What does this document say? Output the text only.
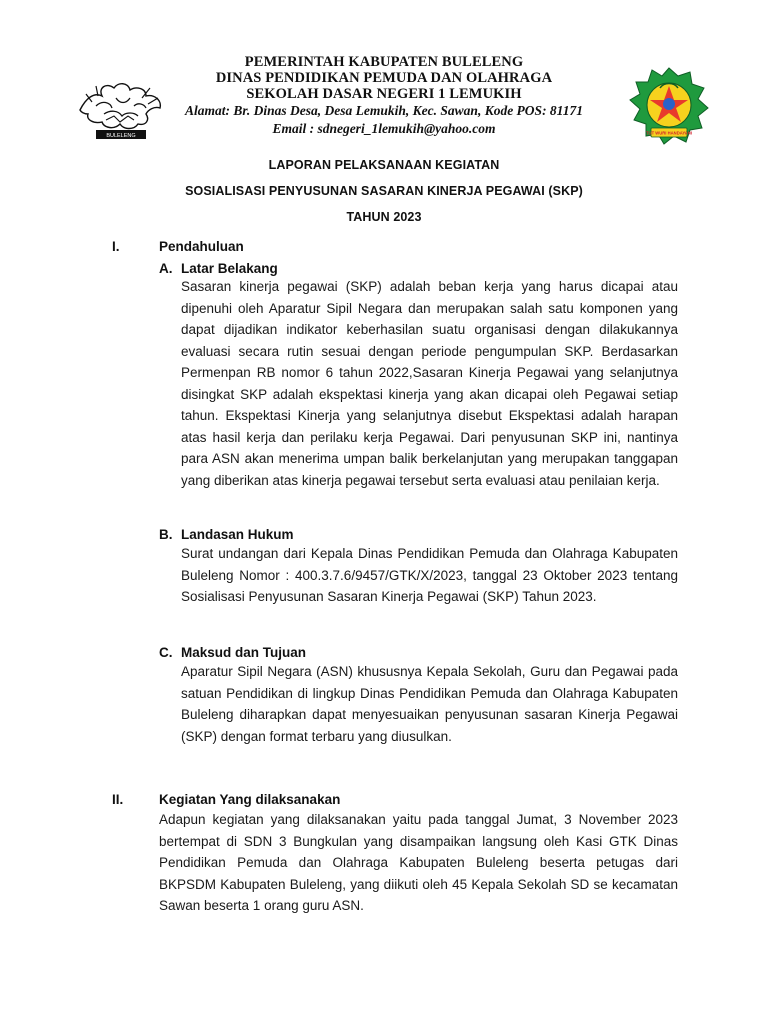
BULELENG
PEMERINTAH KABUPATEN BULELENG
DINAS PENDIDIKAN PEMUDA DAN OLAHRAGA
SEKOLAH DASAR NEGERI 1 LEMUKIH
Alamat: Br. Dinas Desa, Desa Lemukih, Kec. Sawan, Kode POS: 81171
Email : sdnegeri_1lemukih@yahoo.com	TUT WURI HANDAYANI
LAPORAN PELAKSANAAN KEGIATAN
SOSIALISASI PENYUSUNAN SASARAN KINERJA PEGAWAI (SKP)
TAHUN 2023
I.	Pendahuluan
A. Latar Belakang

Sasaran kinerja pegawai (SKP) adalah beban kerja yang harus dicapai atau dipenuhi oleh Aparatur Sipil Negara dan merupakan salah satu komponen yang dapat dijadikan indikator keberhasilan suatu organisasi dengan dilakukannya evaluasi secara rutin sesuai dengan periode pengumpulan SKP. Berdasarkan Permenpan RB nomor 6 tahun 2022,Sasaran Kinerja Pegawai yang selanjutnya disingkat SKP adalah ekspektasi kinerja yang akan dicapai oleh Pegawai setiap tahun. Ekspektasi Kinerja yang selanjutnya disebut Ekspektasi adalah harapan atas hasil kerja dan perilaku kerja Pegawai. Dari penyusunan SKP ini, nantinya para ASN akan menerima umpan balik berkelanjutan yang merupakan tanggapan yang diberikan atas kinerja pegawai tersebut serta evaluasi atau penilaian kerja.

B. Landasan Hukum

Surat undangan dari Kepala Dinas Pendidikan Pemuda dan Olahraga Kabupaten Buleleng Nomor : 400.3.7.6/9457/GTK/X/2023, tanggal 23 Oktober 2023 tentang Sosialisasi Penyusunan Sasaran Kinerja Pegawai (SKP) Tahun 2023.

C. Maksud dan Tujuan

Aparatur Sipil Negara (ASN) khususnya Kepala Sekolah, Guru dan Pegawai pada satuan Pendidikan di lingkup Dinas Pendidikan Pemuda dan Olahraga Kabupaten Buleleng diharapkan dapat menyesuaikan penyusunan sasaran Kinerja Pegawai (SKP) dengan format terbaru yang diusulkan.

II.	Kegiatan Yang dilaksanakan

Adapun kegiatan yang dilaksanakan yaitu pada tanggal Jumat, 3 November 2023 bertempat di SDN 3 Bungkulan yang disampaikan langsung oleh Kasi GTK Dinas Pendidikan Pemuda dan Olahraga Kabupaten Buleleng beserta petugas dari BKPSDM Kabupaten Buleleng, yang diikuti oleh 45 Kepala Sekolah SD se kecamatan Sawan beserta 1 orang guru ASN.
